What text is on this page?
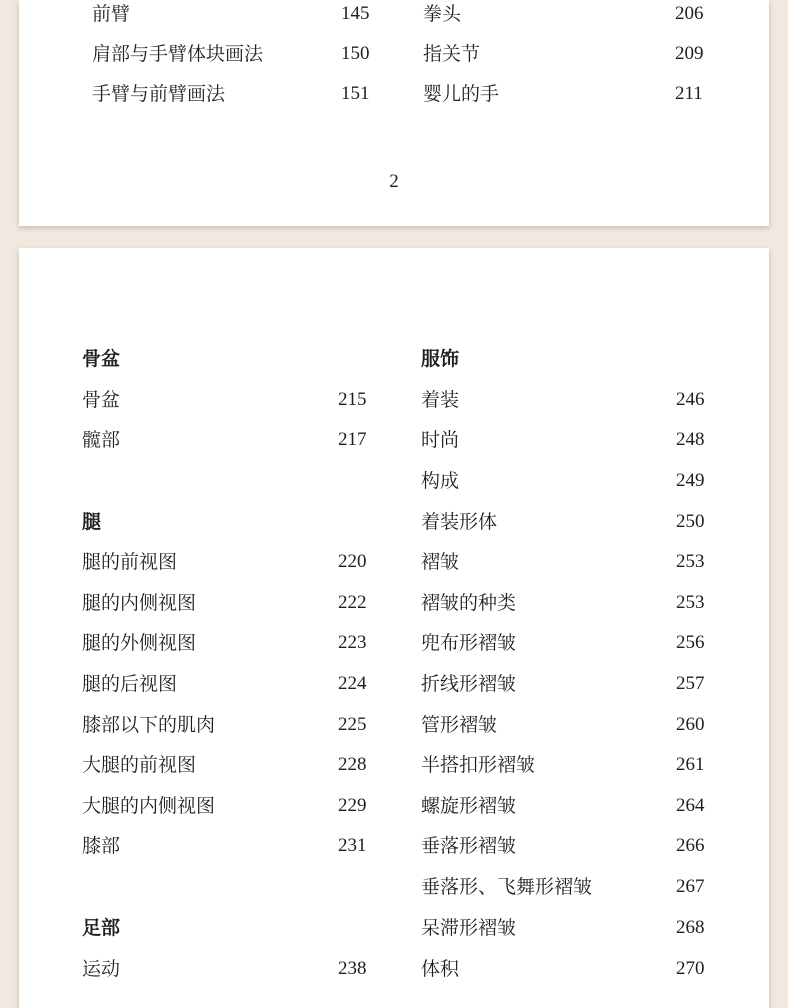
前臂	145
肩部与手臂体块画法	150
手臂与前臂画法	151
拳头	206
指关节	209
婴儿的手	211
2
骨盆
骨盆	215
髋部	217
腿
腿的前视图	220
腿的内侧视图	222
腿的外侧视图	223
腿的后视图	224
膝部以下的肌肉	225
大腿的前视图	228
大腿的内侧视图	229
膝部	231
足部
运动	238
服饰
着装	246
时尚	248
构成	249
着装形体	250
褶皱	253
褶皱的种类	253
兜布形褶皱	256
折线形褶皱	257
管形褶皱	260
半搭扣形褶皱	261
螺旋形褶皱	264
垂落形褶皱	266
垂落形、飞舞形褶皱	267
呆滞形褶皱	268
体积	270
